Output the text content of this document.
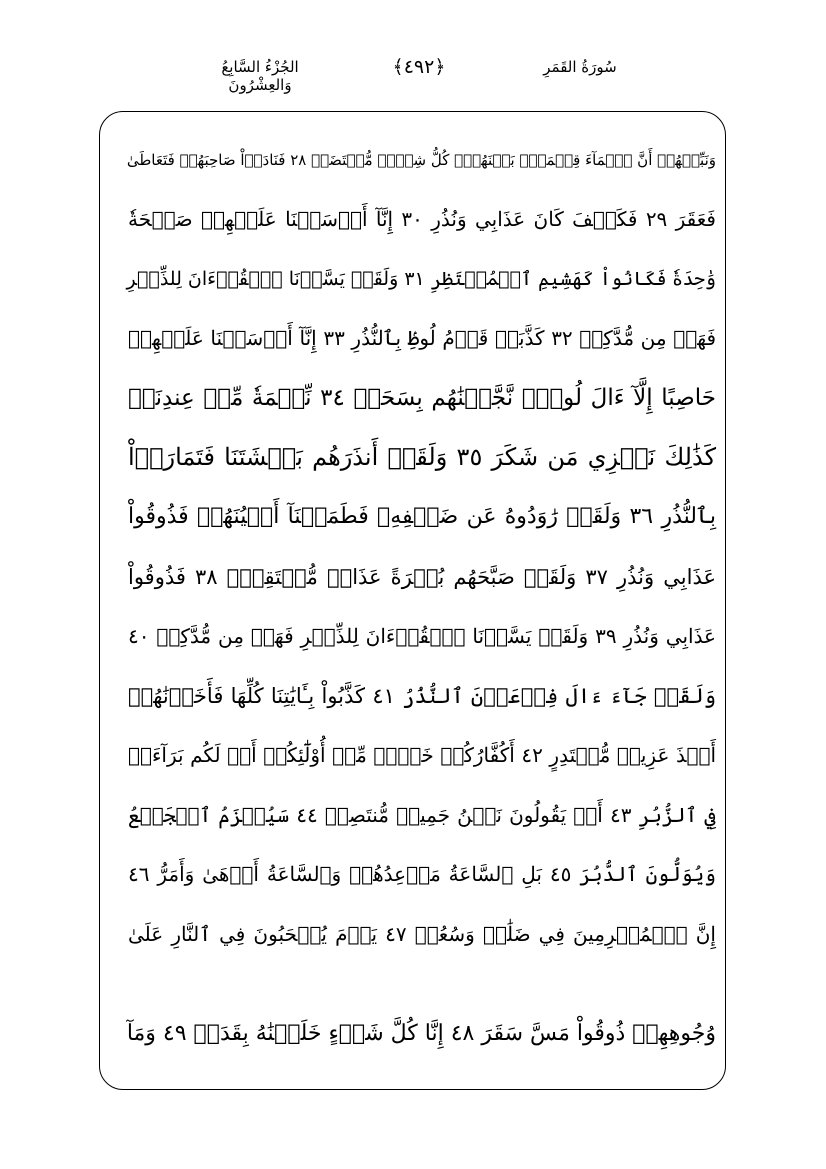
الجُزْءُ السَّابِعُ وَالعِشْرُونَ
﴿٤٩٢﴾	سُورَةُ القَمَرِ
وَنَبِّئۡهُمۡ أَنَّ ٱلۡمَآءَ قِسۡمَةُۢ بَيۡنَهُمۡۖ كُلُّ شِرۡبٖ مُّحۡتَضَرٞ ٢٨ فَنَادَوۡاْ صَاحِبَهُمۡ فَتَعَاطَىٰ
فَعَقَرَ ٢٩ فَكَيۡفَ كَانَ عَذَابِي وَنُذُرِ ٣٠ إِنَّآ أَرۡسَلۡنَا عَلَيۡهِمۡ صَيۡحَةٗ
وَٰحِدَةٗ فَكَانُواْ كَهَشِيمِ ٱلۡمُحۡتَظِرِ ٣١ وَلَقَدۡ يَسَّرۡنَا ٱلۡقُرۡءَانَ لِلذِّكۡرِ
فَهَلۡ مِن مُّدَّكِرٖ ٣٢ كَذَّبَتۡ قَوۡمُ لُوطِۢ بِٱلنُّذُرِ ٣٣ إِنَّآ أَرۡسَلۡنَا عَلَيۡهِمۡ
حَاصِبًا إِلَّآ ءَالَ لُوطٖۖ نَّجَّيۡنَٰهُم بِسَحَرٖ ٣٤ نِّعۡمَةٗ مِّنۡ عِندِنَاۚ
كَذَٰلِكَ نَجۡزِي مَن شَكَرَ ٣٥ وَلَقَدۡ أَنذَرَهُم بَطۡشَتَنَا فَتَمَارَوۡاْ
بِٱلنُّذُرِ ٣٦ وَلَقَدۡ رَٰوَدُوهُ عَن ضَيۡفِهِۦ فَطَمَسۡنَآ أَعۡيُنَهُمۡ فَذُوقُواْ
عَذَابِي وَنُذُرِ ٣٧ وَلَقَدۡ صَبَّحَهُم بُكۡرَةً عَذَابٞ مُّسۡتَقِرّٞ ٣٨ فَذُوقُواْ
عَذَابِي وَنُذُرِ ٣٩ وَلَقَدۡ يَسَّرۡنَا ٱلۡقُرۡءَانَ لِلذِّكۡرِ فَهَلۡ مِن مُّدَّكِرٖ ٤٠
وَلَقَدۡ جَآءَ ءَالَ فِرۡعَوۡنَ ٱلنُّذُرُ ٤١ كَذَّبُواْ بِـَٔايَٰتِنَا كُلِّهَا فَأَخَذۡنَٰهُمۡ
أَخۡذَ عَزِيزٖ مُّقۡتَدِرٍ ٤٢ أَكُفَّارُكُمۡ خَيۡرٞ مِّنۡ أُوْلَٰٓئِكُمۡ أَمۡ لَكُم بَرَآءَةٞ
فِي ٱلزُّبُرِ ٤٣ أَمۡ يَقُولُونَ نَحۡنُ جَمِيعٞ مُّنتَصِرٞ ٤٤ سَيُهۡزَمُ ٱلۡجَمۡعُ
وَيُوَلُّونَ ٱلدُّبُرَ ٤٥ بَلِ ٱلسَّاعَةُ مَوۡعِدُهُمۡ وَٱلسَّاعَةُ أَدۡهَىٰ وَأَمَرُّ ٤٦
إِنَّ ٱلۡمُجۡرِمِينَ فِي ضَلَٰلٖ وَسُعُرٖ ٤٧ يَوۡمَ يُسۡحَبُونَ فِي ٱلنَّارِ عَلَىٰ
وُجُوهِهِمۡ ذُوقُواْ مَسَّ سَقَرَ ٤٨ إِنَّا كُلَّ شَيۡءٍ خَلَقۡنَٰهُ بِقَدَرٖ ٤٩ وَمَآ
